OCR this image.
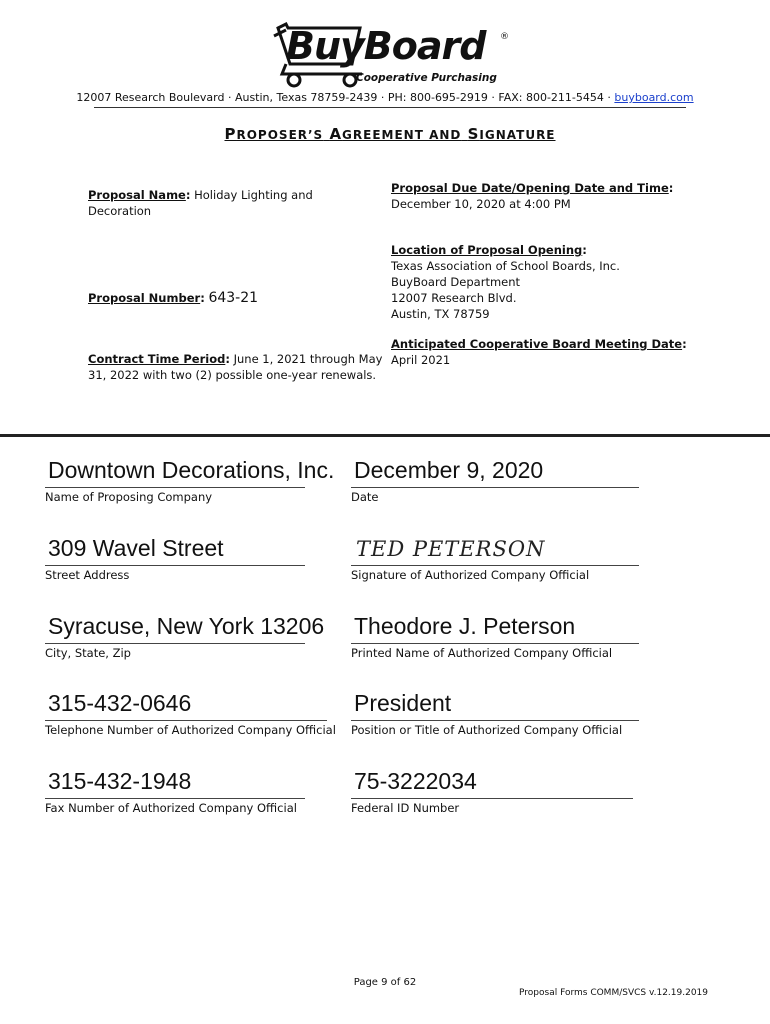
BuyBoard
Cooperative Purchasing
®
12007 Research Boulevard · Austin, Texas 78759-2439 · PH: 800-695-2919 · FAX: 800-211-5454 · buyboard.com
PROPOSER’S AGREEMENT AND SIGNATURE
Proposal Name: Holiday Lighting and Decoration
Proposal Number: 643-21
Contract Time Period: June 1, 2021 through May
31, 2022 with two (2) possible one-year renewals.
Proposal Due Date/Opening Date and Time:
December 10, 2020 at 4:00 PM
Location of Proposal Opening:
Texas Association of School Boards, Inc.
BuyBoard Department
12007 Research Blvd.
Austin, TX 78759
Anticipated Cooperative Board Meeting Date:
April 2021
Downtown Decorations, Inc.
Name of Proposing Company
309 Wavel Street
Street Address
Syracuse, New York 13206
City, State, Zip
315-432-0646
Telephone Number of Authorized Company Official
315-432-1948
Fax Number of Authorized Company Official
December 9, 2020
Date
TED PETERSON
Signature of Authorized Company Official
Theodore J. Peterson
Printed Name of Authorized Company Official
President
Position or Title of Authorized Company Official
75-3222034
Federal ID Number
Page 9 of 62
Proposal Forms COMM/SVCS v.12.19.2019
